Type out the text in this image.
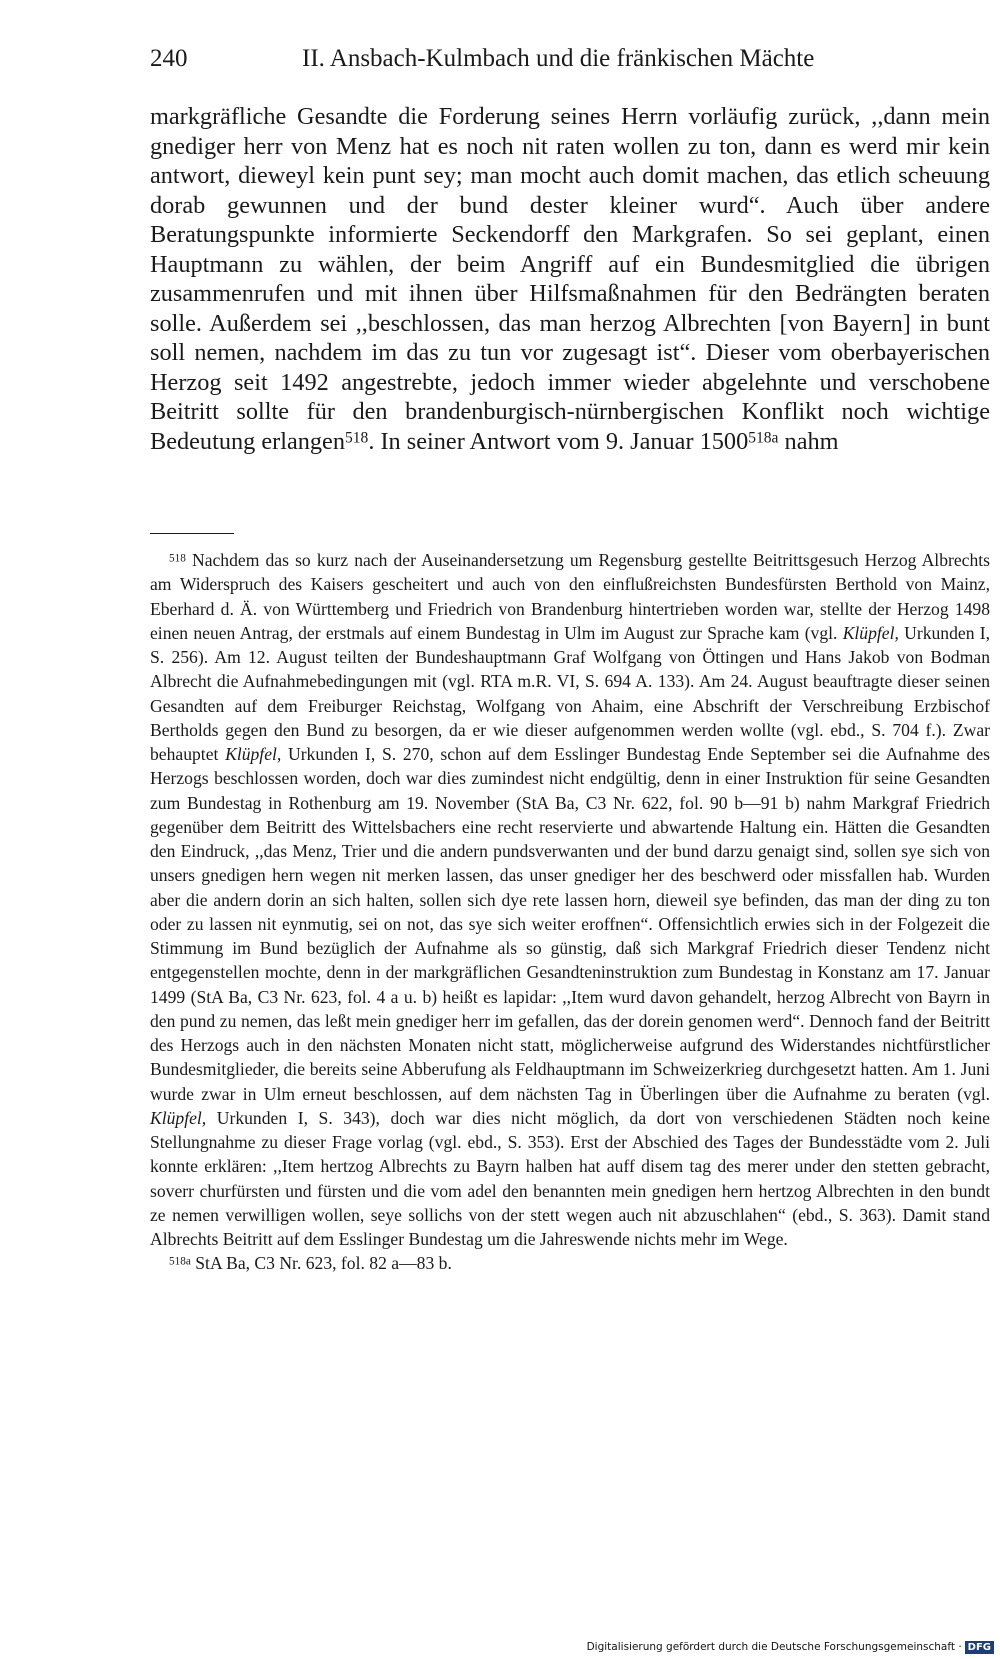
240	II. Ansbach-Kulmbach und die fränkischen Mächte

markgräfliche Gesandte die Forderung seines Herrn vorläufig zurück, ,,dann mein gnediger herr von Menz hat es noch nit raten wollen zu ton, dann es werd mir kein antwort, dieweyl kein punt sey; man mocht auch domit machen, das etlich scheuung dorab gewunnen und der bund dester kleiner wurd“. Auch über andere Beratungspunkte informierte Seckendorff den Markgrafen. So sei geplant, einen Hauptmann zu wählen, der beim Angriff auf ein Bundesmitglied die übrigen zusammenrufen und mit ihnen über Hilfsmaßnahmen für den Bedrängten beraten solle. Außerdem sei ,,beschlossen, das man herzog Albrechten [von Bayern] in bunt soll nemen, nachdem im das zu tun vor zugesagt ist“. Dieser vom oberbayerischen Herzog seit 1492 angestrebte, jedoch immer wieder abgelehnte und verschobene Beitritt sollte für den brandenburgisch-nürnbergischen Konflikt noch wichtige Bedeutung erlangen$^{518}$. In seiner Antwort vom 9. Januar $1500^{518a}$ nahm

$^{518}$ Nachdem das so kurz nach der Auseinandersetzung um Regensburg gestellte Beitrittsgesuch Herzog Albrechts am Widerspruch des Kaisers gescheitert und auch von den einflußreichsten Bundesfürsten Berthold von Mainz, Eberhard d. Ä. von Württemberg und Friedrich von Brandenburg hintertrieben worden war, stellte der Herzog 1498 einen neuen Antrag, der erstmals auf einem Bundestag in Ulm im August zur Sprache kam (vgl. Klüpfel, Urkunden I, S. 256). Am 12. August teilten der Bundeshauptmann Graf Wolfgang von Öttingen und Hans Jakob von Bodman Albrecht die Aufnahmebedingungen mit (vgl. RTA m.R. VI, S. 694 A. 133). Am 24. August beauftragte dieser seinen Gesandten auf dem Freiburger Reichstag, Wolfgang von Ahaim, eine Abschrift der Verschreibung Erzbischof Bertholds gegen den Bund zu besorgen, da er wie dieser aufgenommen werden wollte (vgl. ebd., S. 704 f.). Zwar behauptet Klüpfel, Urkunden I, S. 270, schon auf dem Esslinger Bundestag Ende September sei die Aufnahme des Herzogs beschlossen worden, doch war dies zumindest nicht endgültig, denn in einer Instruktion für seine Gesandten zum Bundestag in Rothenburg am 19. November (StA Ba, C3 Nr. 622, fol. 90 b—91 b) nahm Markgraf Friedrich gegenüber dem Beitritt des Wittelsbachers eine recht reservierte und abwartende Haltung ein. Hätten die Gesandten den Eindruck, ,,das Menz, Trier und die andern pundsverwanten und der bund darzu genaigt sind, sollen sye sich von unsers gnedigen hern wegen nit merken lassen, das unser gnediger her des beschwerd oder missfallen hab. Wurden aber die andern dorin an sich halten, sollen sich dye rete lassen horn, dieweil sye befinden, das man der ding zu ton oder zu lassen nit eynmutig, sei on not, das sye sich weiter eroffnen“. Offensichtlich erwies sich in der Folgezeit die Stimmung im Bund bezüglich der Aufnahme als so günstig, daß sich Markgraf Friedrich dieser Tendenz nicht entgegenstellen mochte, denn in der markgräflichen Gesandteninstruktion zum Bundestag in Konstanz am 17. Januar 1499 (StA Ba, C3 Nr. 623, fol. 4 a u. b) heißt es lapidar: ,,Item wurd davon gehandelt, herzog Albrecht von Bayrn in den pund zu nemen, das leßt mein gnediger herr im gefallen, das der dorein genomen werd“. Dennoch fand der Beitritt des Herzogs auch in den nächsten Monaten nicht statt, möglicherweise aufgrund des Widerstandes nichtfürstlicher Bundesmitglieder, die bereits seine Abberufung als Feldhauptmann im Schweizerkrieg durchgesetzt hatten. Am 1. Juni wurde zwar in Ulm erneut beschlossen, auf dem nächsten Tag in Überlingen über die Aufnahme zu beraten (vgl. Klüpfel, Urkunden I, S. 343), doch war dies nicht möglich, da dort von verschiedenen Städten noch keine Stellungnahme zu dieser Frage vorlag (vgl. ebd., S. 353). Erst der Abschied des Tages der Bundesstädte vom 2. Juli konnte erklären: ,,Item hertzog Albrechts zu Bayrn halben hat auff disem tag des merer under den stetten gebracht, soverr churfürsten und fürsten und die vom adel den benannten mein gnedigen hern hertzog Albrechten in den bundt ze nemen verwilligen wollen, seye sollichs von der stett wegen auch nit abzuschlahen“ (ebd., S. 363). Damit stand Albrechts Beitritt auf dem Esslinger Bundestag um die Jahreswende nichts mehr im Wege.

$^{518a}$ StA Ba, C3 Nr. 623, fol. 82 a—83 b.

Digitalisierung gefördert durch die Deutsche Forschungsgemeinschaft · DFG
